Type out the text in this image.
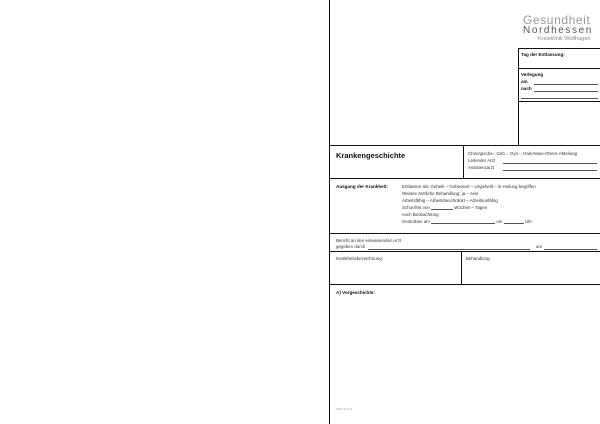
Gesundheit
Nordhessen
Kreisklinik Wolfhagen
Tag der Entlassung:
Verlegung
am
nach
Krankengeschichte	Chirurgische-, Geb.-, Gyn.-, Hals-Nase-Ohren-Abteilung
Leitender Arzt
Assistenzarzt
Ausgang der Krankheit:	Entlassen als: Geheilt – Gebessert – Ungeheilt – in Heilung begriffen
Weitere ärztliche Behandlung: ja – nein
Arbeitsfähig – Arbeitsbeschränkt – Arbeitsunfähig
Schonfrist von	Wochen – Tagen
noch Beobachtung
Gestorben am	um	Uhr
Bericht an den einweisenden Arzt
gegeben durch	am
Krankheitsbezeichnung:	Behandlung:
A) Vorgeschichte:
WFH 6 3.03
